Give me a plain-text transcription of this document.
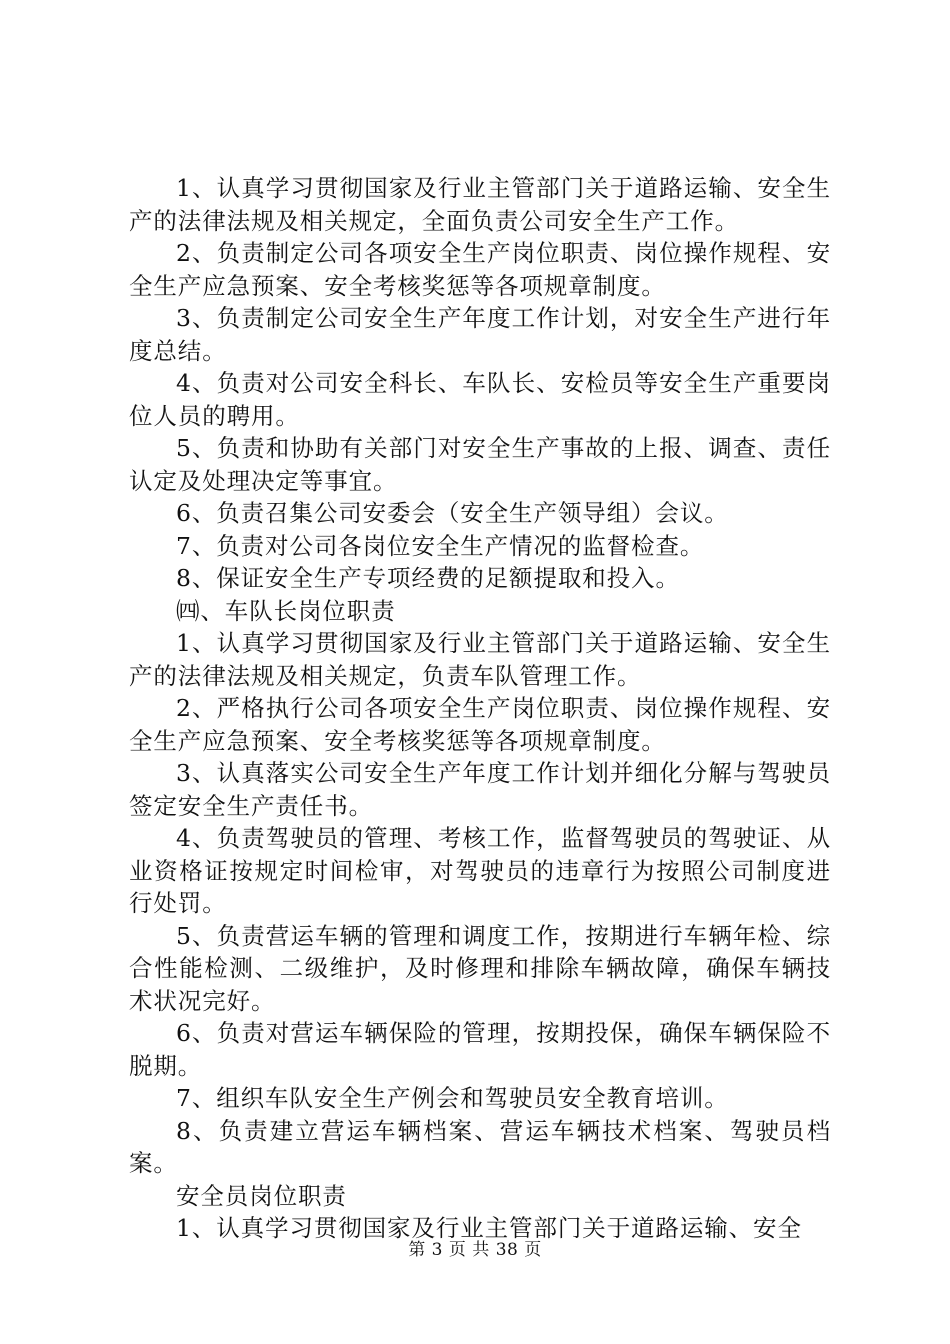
1、认真学习贯彻国家及行业主管部门关于道路运输、安全生产的法律法规及相关规定，全面负责公司安全生产工作。

2、负责制定公司各项安全生产岗位职责、岗位操作规程、安全生产应急预案、安全考核奖惩等各项规章制度。

3、负责制定公司安全生产年度工作计划，对安全生产进行年度总结。

4、负责对公司安全科长、车队长、安检员等安全生产重要岗位人员的聘用。

5、负责和协助有关部门对安全生产事故的上报、调查、责任认定及处理决定等事宜。

6、负责召集公司安委会（安全生产领导组）会议。

7、负责对公司各岗位安全生产情况的监督检查。

8、保证安全生产专项经费的足额提取和投入。

㈣、车队长岗位职责

1、认真学习贯彻国家及行业主管部门关于道路运输、安全生产的法律法规及相关规定，负责车队管理工作。

2、严格执行公司各项安全生产岗位职责、岗位操作规程、安全生产应急预案、安全考核奖惩等各项规章制度。

3、认真落实公司安全生产年度工作计划并细化分解与驾驶员签定安全生产责任书。

4、负责驾驶员的管理、考核工作，监督驾驶员的驾驶证、从业资格证按规定时间检审，对驾驶员的违章行为按照公司制度进行处罚。

5、负责营运车辆的管理和调度工作，按期进行车辆年检、综合性能检测、二级维护，及时修理和排除车辆故障，确保车辆技术状况完好。

6、负责对营运车辆保险的管理，按期投保，确保车辆保险不脱期。

7、组织车队安全生产例会和驾驶员安全教育培训。

8、负责建立营运车辆档案、营运车辆技术档案、驾驶员档案。

安全员岗位职责

1、认真学习贯彻国家及行业主管部门关于道路运输、安全

第 3 页 共 38 页
